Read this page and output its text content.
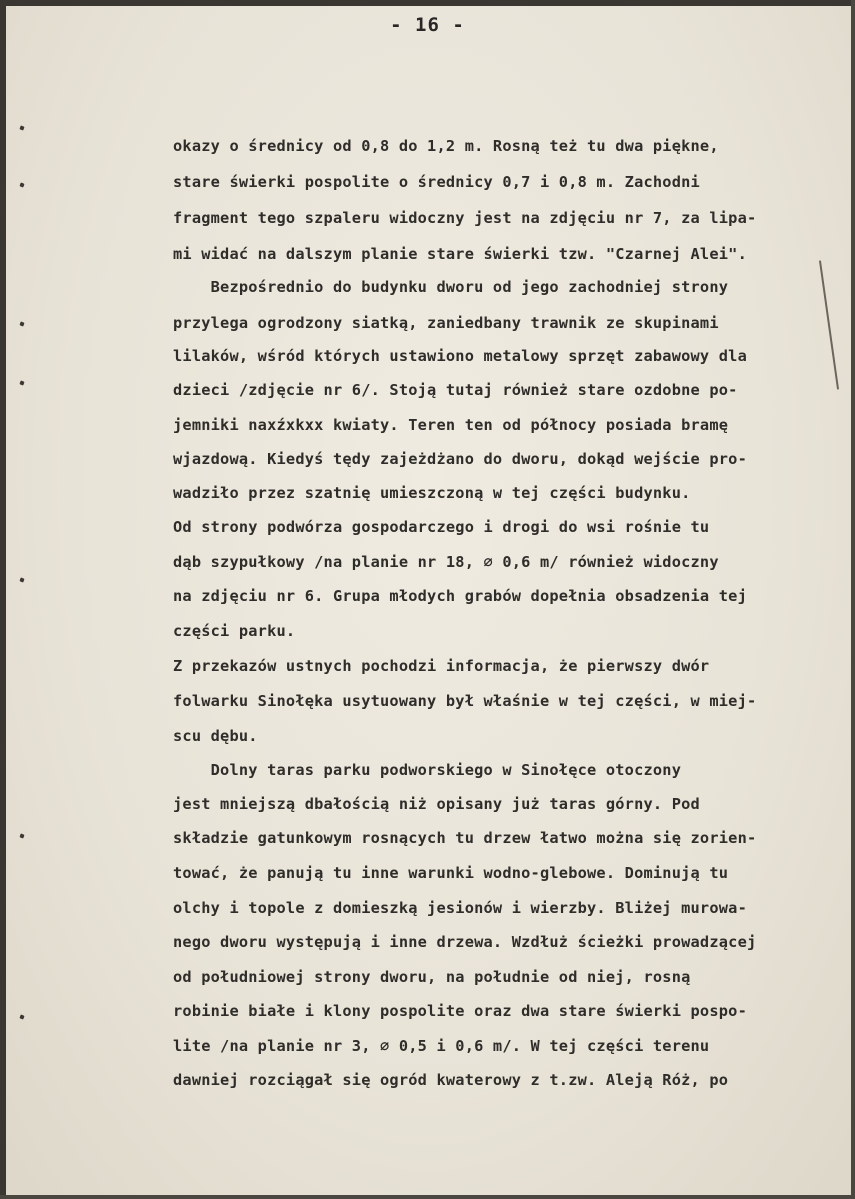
- 16 -
okazy o średnicy od 0,8 do 1,2 m. Rosną też tu dwa piękne,
stare świerki pospolite o średnicy 0,7 i 0,8 m. Zachodni
fragment tego szpaleru widoczny jest na zdjęciu nr 7, za lipa-
mi widać na dalszym planie stare świerki tzw. "Czarnej Alei".
Bezpośrednio do budynku dworu od jego zachodniej strony
przylega ogrodzony siatką, zaniedbany trawnik ze skupinami
lilaków, wśród których ustawiono metalowy sprzęt zabawowy dla
dzieci /zdjęcie nr 6/. Stoją tutaj również stare ozdobne po-
jemniki naxźxkxx kwiaty. Teren ten od północy posiada bramę
wjazdową. Kiedyś tędy zajeżdżano do dworu, dokąd wejście pro-
wadziło przez szatnię umieszczoną w tej części budynku.
Od strony podwórza gospodarczego i drogi do wsi rośnie tu
dąb szypułkowy /na planie nr 18, ⌀ 0,6 m/ również widoczny
na zdjęciu nr 6. Grupa młodych grabów dopełnia obsadzenia tej
części parku.
Z przekazów ustnych pochodzi informacja, że pierwszy dwór
folwarku Sinołęka usytuowany był właśnie w tej części, w miej-
scu dębu.
Dolny taras parku podworskiego w Sinołęce otoczony
jest mniejszą dbałością niż opisany już taras górny. Pod
składzie gatunkowym rosnących tu drzew łatwo można się zorien-
tować, że panują tu inne warunki wodno-glebowe. Dominują tu
olchy i topole z domieszką jesionów i wierzby. Bliżej murowa-
nego dworu występują i inne drzewa. Wzdłuż ścieżki prowadzącej
od południowej strony dworu, na południe od niej, rosną
robinie białe i klony pospolite oraz dwa stare świerki pospo-
lite /na planie nr 3, ⌀ 0,5 i 0,6 m/. W tej części terenu
dawniej rozciągał się ogród kwaterowy z t.zw. Aleją Róż, po
